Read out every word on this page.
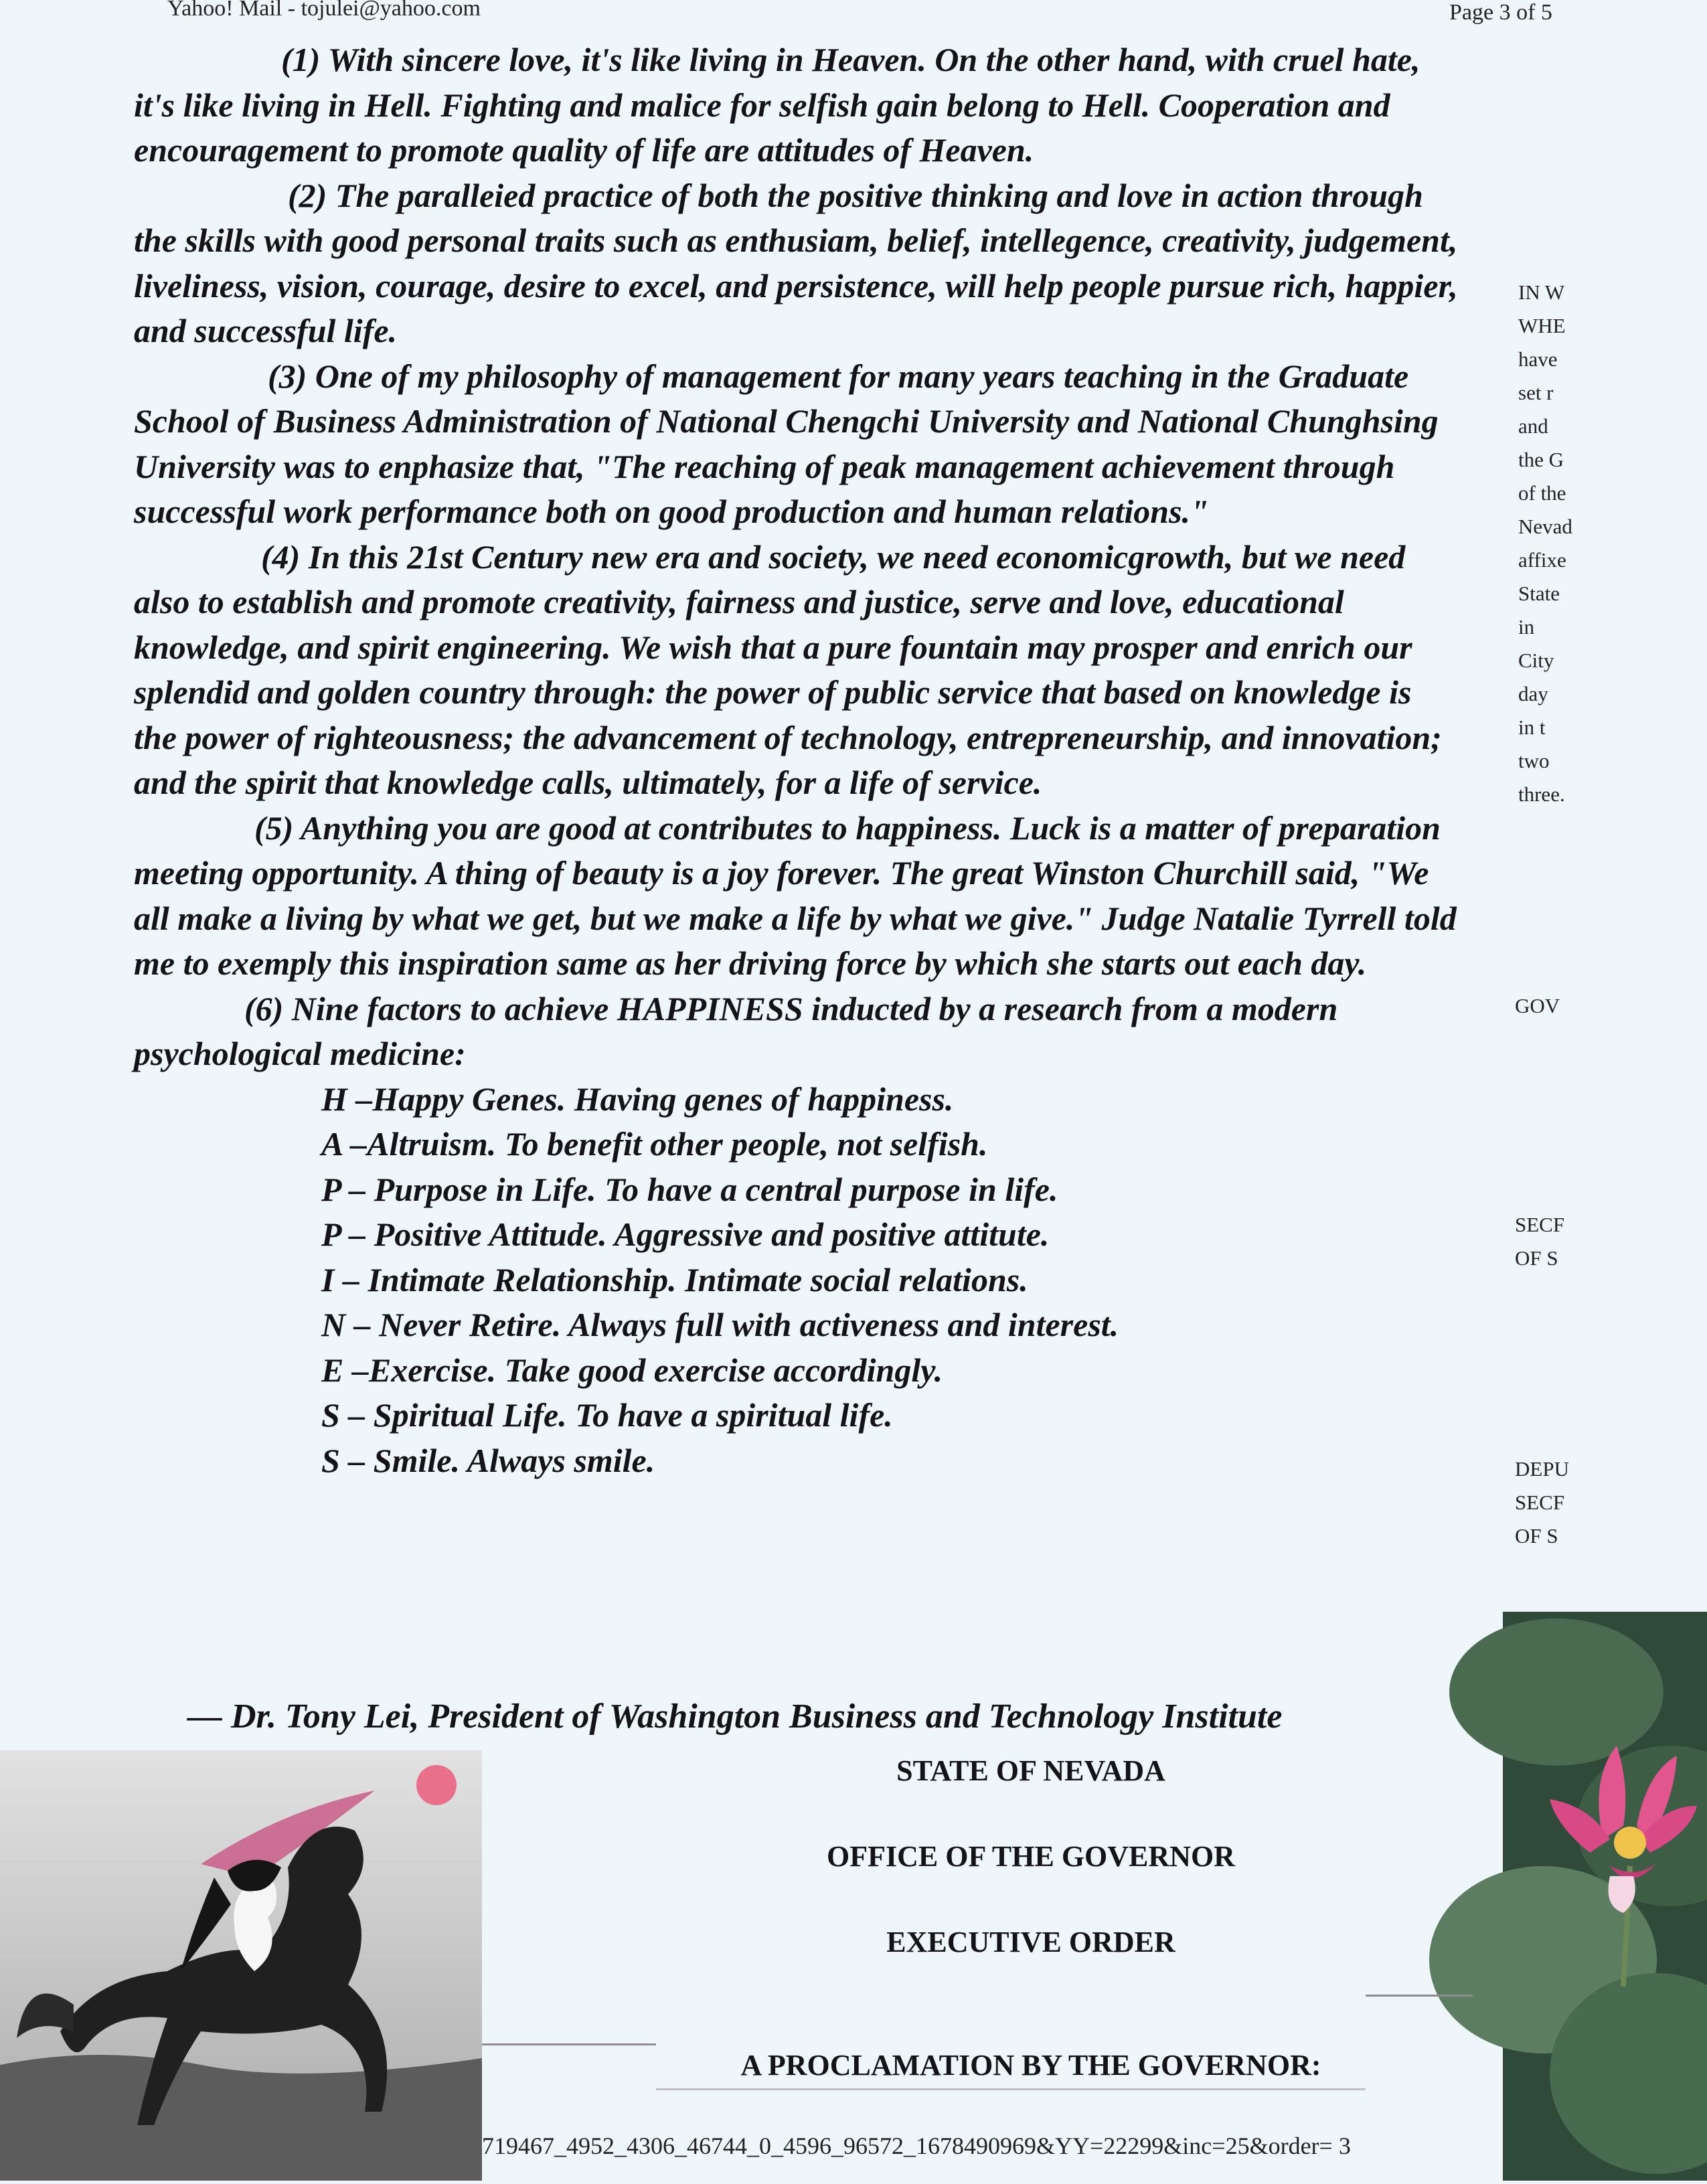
Yahoo! Mail - tojulei@yahoo.com	Page 3 of 5

(1) With sincere love, it's like living in Heaven. On the other hand, with cruel hate, it's like living in Hell. Fighting and malice for selfish gain belong to Hell. Cooperation and encouragement to promote quality of life are attitudes of Heaven.

(2) The paralleied practice of both the positive thinking and love in action through the skills with good personal traits such as enthusiam, belief, intellegence, creativity, judgement, liveliness, vision, courage, desire to excel, and persistence, will help people pursue rich, happier, and successful life.

(3) One of my philosophy of management for many years teaching in the Graduate School of Business Administration of National Chengchi University and National Chunghsing University was to enphasize that, "The reaching of peak management achievement through successful work performance both on good production and human relations."

(4) In this 21st Century new era and society, we need economicgrowth, but we need also to establish and promote creativity, fairness and justice, serve and love, educational knowledge, and spirit engineering. We wish that a pure fountain may prosper and enrich our splendid and golden country through: the power of public service that based on knowledge is the power of righteousness; the advancement of technology, entrepreneurship, and innovation; and the spirit that knowledge calls, ultimately, for a life of service.

(5) Anything you are good at contributes to happiness. Luck is a matter of preparation meeting opportunity. A thing of beauty is a joy forever. The great Winston Churchill said, "We all make a living by what we get, but we make a life by what we give." Judge Natalie Tyrrell told me to exemply this inspiration same as her driving force by which she starts out each day.

(6) Nine factors to achieve HAPPINESS inducted by a research from a modern psychological medicine:

H –Happy Genes. Having genes of happiness.
A –Altruism. To benefit other people, not selfish.
P – Purpose in Life. To have a central purpose in life.
P – Positive Attitude. Aggressive and positive attitute.
I – Intimate Relationship. Intimate social relations.
N – Never Retire. Always full with activeness and interest.
E –Exercise. Take good exercise accordingly.
S – Spiritual Life. To have a spiritual life.
S – Smile. Always smile.
— Dr. Tony Lei, President of Washington Business and Technology Institute
IN W
WHE
have
set r
and
the G
of the
Nevad
affixe
State
in
City
day
in t
two
three.
GOV
SECF
OF S
DEPU
SECF
OF S
STATE OF NEVADA
OFFICE OF THE GOVERNOR
EXECUTIVE ORDER
A PROCLAMATION BY THE GOVERNOR:
719467_4952_4306_46744_0_4596_96572_1678490969&YY=22299&inc=25&order= 3
